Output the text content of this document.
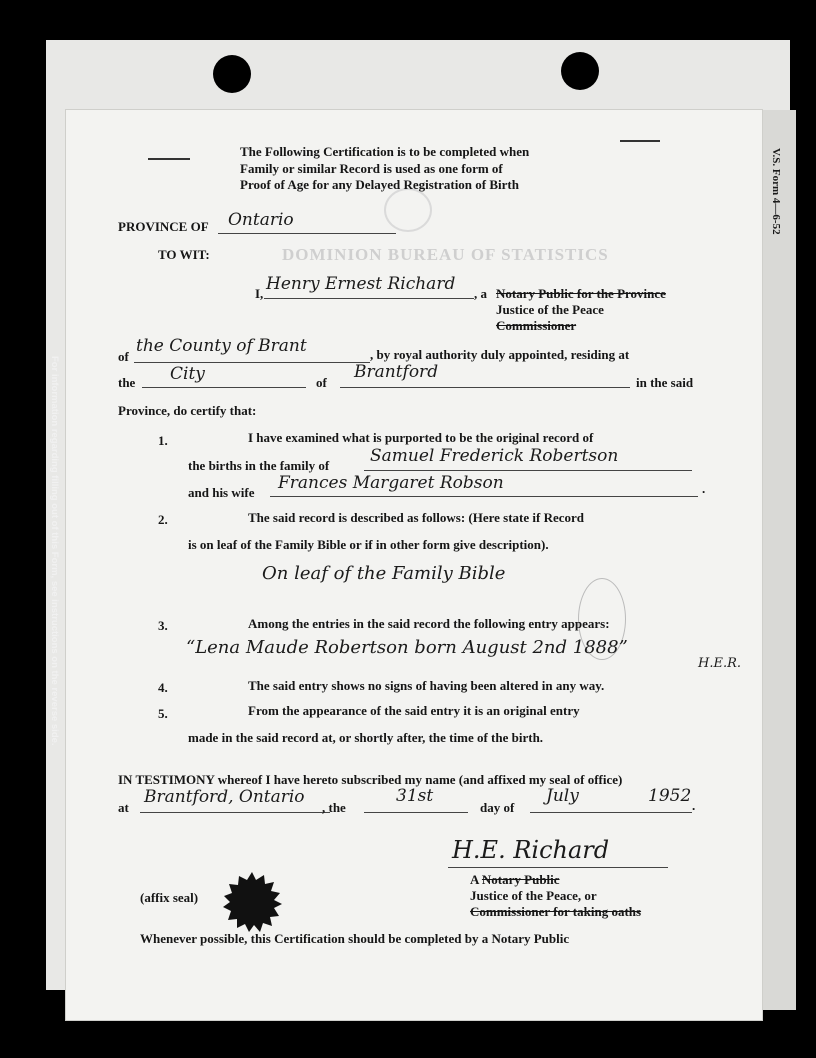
For information regarding filling out of this Form, see instructions on the reverse side.
V.S. Form 4—6-52
DOMINION BUREAU OF STATISTICS
The Following Certification is to be completed when
Family or similar Record is used as one form of
Proof of Age for any Delayed Registration of Birth
PROVINCE OF Ontario
TO WIT:
I, Henry Ernest Richard , a Notary Public for the Province
Justice of the Peace
Commissioner
of
the County of Brant	, by royal authority duly appointed, residing at
the City	of
Brantford
in the said
Province, do certify that:
1.	I have examined what is purported to be the original record of
the births in the family of Samuel Frederick Robertson
and his wife Frances Margaret Robson	.
2.	The said record is described as follows: (Here state if Record
is on leaf of the Family Bible or if in other form give description).
On leaf of the Family Bible
3.	Among the entries in the said record the following entry appears:
“Lena Maude Robertson born August 2nd 1888”
H.E.R.
4.	The said entry shows no signs of having been altered in any way.
5.	From the appearance of the said entry it is an original entry
made in the said record at, or shortly after, the time of the birth.
IN TESTIMONY whereof I have hereto subscribed my name (and affixed my seal of office)
at
Brantford, Ontario
, the
31st
day of
July	1952 .
H.E. Richard
A Notary Public
Justice of the Peace, or
Commissioner for taking oaths
(affix seal)
Whenever possible, this Certification should be completed by a Notary Public
